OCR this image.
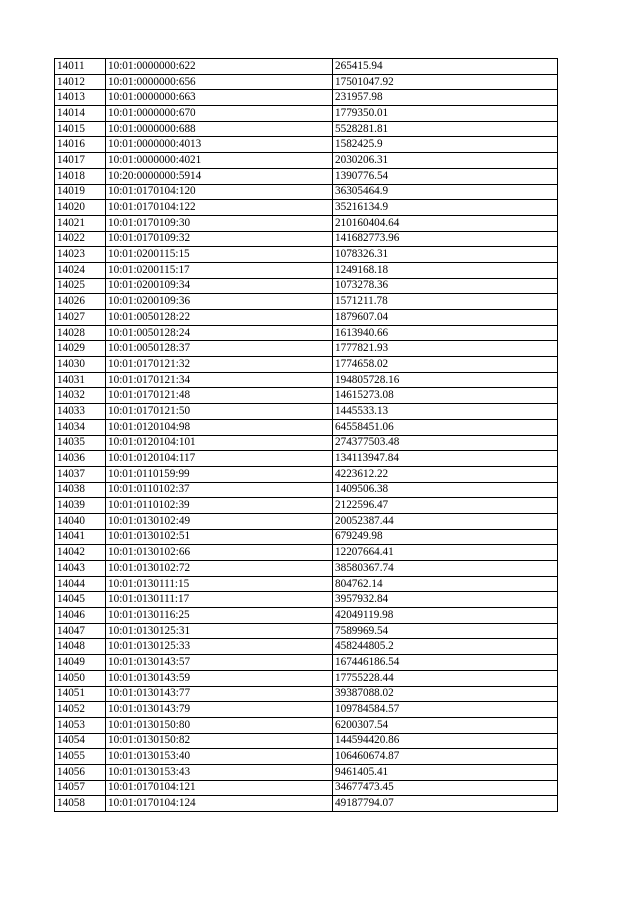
14011	10:01:0000000:622	265415.94
14012	10:01:0000000:656	17501047.92
14013	10:01:0000000:663	231957.98
14014	10:01:0000000:670	1779350.01
14015	10:01:0000000:688	5528281.81
14016	10:01:0000000:4013	1582425.9
14017	10:01:0000000:4021	2030206.31
14018	10:20:0000000:5914	1390776.54
14019	10:01:0170104:120	36305464.9
14020	10:01:0170104:122	35216134.9
14021	10:01:0170109:30	210160404.64
14022	10:01:0170109:32	141682773.96
14023	10:01:0200115:15	1078326.31
14024	10:01:0200115:17	1249168.18
14025	10:01:0200109:34	1073278.36
14026	10:01:0200109:36	1571211.78
14027	10:01:0050128:22	1879607.04
14028	10:01:0050128:24	1613940.66
14029	10:01:0050128:37	1777821.93
14030	10:01:0170121:32	1774658.02
14031	10:01:0170121:34	194805728.16
14032	10:01:0170121:48	14615273.08
14033	10:01:0170121:50	1445533.13
14034	10:01:0120104:98	64558451.06
14035	10:01:0120104:101	274377503.48
14036	10:01:0120104:117	134113947.84
14037	10:01:0110159:99	4223612.22
14038	10:01:0110102:37	1409506.38
14039	10:01:0110102:39	2122596.47
14040	10:01:0130102:49	20052387.44
14041	10:01:0130102:51	679249.98
14042	10:01:0130102:66	12207664.41
14043	10:01:0130102:72	38580367.74
14044	10:01:0130111:15	804762.14
14045	10:01:0130111:17	3957932.84
14046	10:01:0130116:25	42049119.98
14047	10:01:0130125:31	7589969.54
14048	10:01:0130125:33	458244805.2
14049	10:01:0130143:57	167446186.54
14050	10:01:0130143:59	17755228.44
14051	10:01:0130143:77	39387088.02
14052	10:01:0130143:79	109784584.57
14053	10:01:0130150:80	6200307.54
14054	10:01:0130150:82	144594420.86
14055	10:01:0130153:40	106460674.87
14056	10:01:0130153:43	9461405.41
14057	10:01:0170104:121	34677473.45
14058	10:01:0170104:124	49187794.07
